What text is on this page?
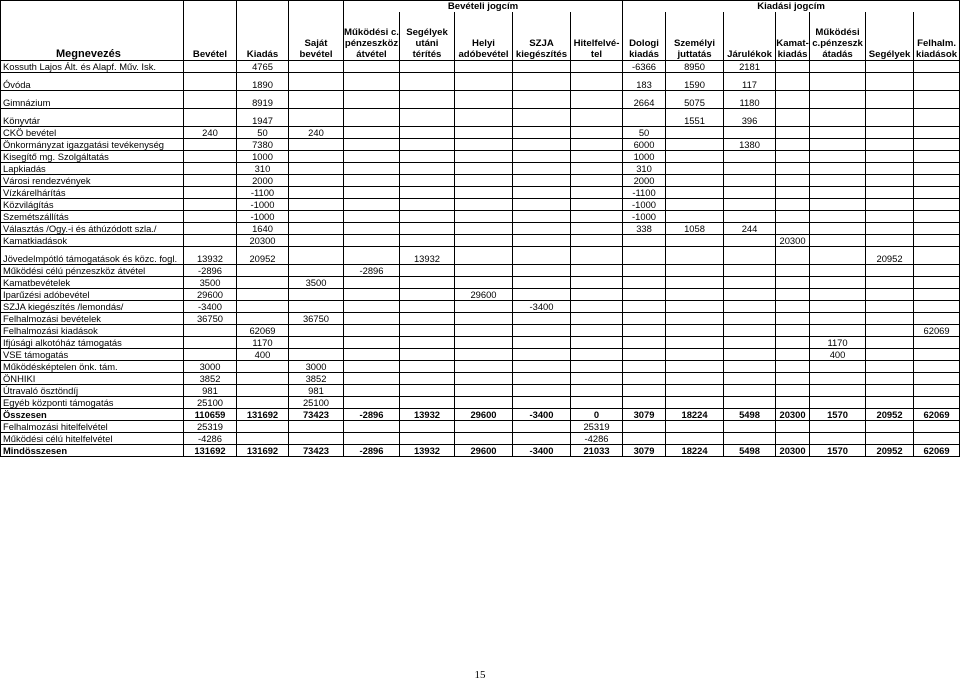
Megnevezés	Bevétel	Kiadás	Saját bevétel	Bevételi jogcím					Kiadási jogcím						
				Működési c. pénzeszköz átvétel	Segélyek utáni térítés	Helyi adóbevétel	SZJA kiegészítés	Hitelfelvé- tel	Dologi kiadás	Személyi juttatás	Járulékok	Kamat- kiadás	Működési c.pénzeszk átadás	Segélyek	Felhalm. kiadások
Kossuth Lajos Ált. és Alapf. Műv. Isk.		4765							-6366	8950	2181				
Óvóda		1890							183	1590	117				
Gimnázium		8919							2664	5075	1180				
Könyvtár		1947								1551	396				
CKÖ bevétel	240	50	240						50						
Önkormányzat igazgatási tevékenység		7380							6000		1380				
Kisegítő mg. Szolgáltatás		1000							1000						
Lapkiadás		310							310						
Városi rendezvények		2000							2000						
Vízkárelhárítás		-1100							-1100						
Közvilágítás		-1000							-1000						
Szemétszállítás		-1000							-1000						
Választás /Ogy.-i és áthúzódott szla./		1640							338	1058	244				
Kamatkiadások		20300										20300			
Jövedelmpótló támogatások és közc. fogl.	13932	20952			13932									20952	
Működési célú pénzeszköz átvétel	-2896			-2896											
Kamatbevételek	3500		3500												
Iparűzési adóbevétel	29600					29600									
SZJA kiegészítés /lemondás/	-3400						-3400								
Felhalmozási bevételek	36750		36750												
Felhalmozási kiadások		62069													62069
Ifjúsági alkotóház támogatás		1170											1170		
VSE támogatás		400											400		
Működésképtelen önk. tám.	3000		3000												
ÖNHIKI	3852		3852												
Útravaló ösztöndíj	981		981												
Egyéb központi támogatás	25100		25100												
Összesen	110659	131692	73423	-2896	13932	29600	-3400	0	3079	18224	5498	20300	1570	20952	62069
Felhalmozási hitelfelvétel	25319							25319							
Működési célú hitelfelvétel	-4286							-4286							
Mindösszesen	131692	131692	73423	-2896	13932	29600	-3400	21033	3079	18224	5498	20300	1570	20952	62069
15
